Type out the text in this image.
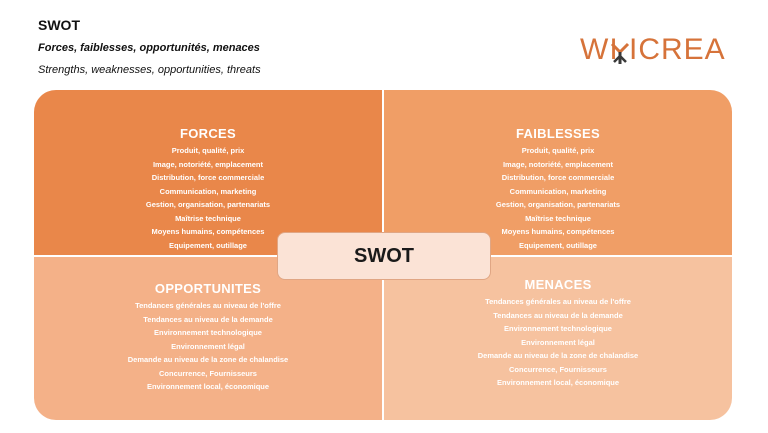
SWOT
Forces, faiblesses, opportunités, menaces
Strengths, weaknesses, opportunities, threats
WI ICREA
FORCES
Produit, qualité, prix
Image, notoriété, emplacement
Distribution, force commerciale
Communication, marketing
Gestion, organisation, partenariats
Maîtrise technique
Moyens humains, compétences
Equipement, outillage
FAIBLESSES
Produit, qualité, prix
Image, notoriété, emplacement
Distribution, force commerciale
Communication, marketing
Gestion, organisation, partenariats
Maîtrise technique
Moyens humains, compétences
Equipement, outillage
OPPORTUNITES
Tendances générales au niveau de l'offre
Tendances au niveau de la demande
Environnement technologique
Environnement légal
Demande au niveau de la zone de chalandise
Concurrence, Fournisseurs
Environnement local, économique
MENACES
Tendances générales au niveau de l'offre
Tendances au niveau de la demande
Environnement technologique
Environnement légal
Demande au niveau de la zone de chalandise
Concurrence, Fournisseurs
Environnement local, économique
SWOT
